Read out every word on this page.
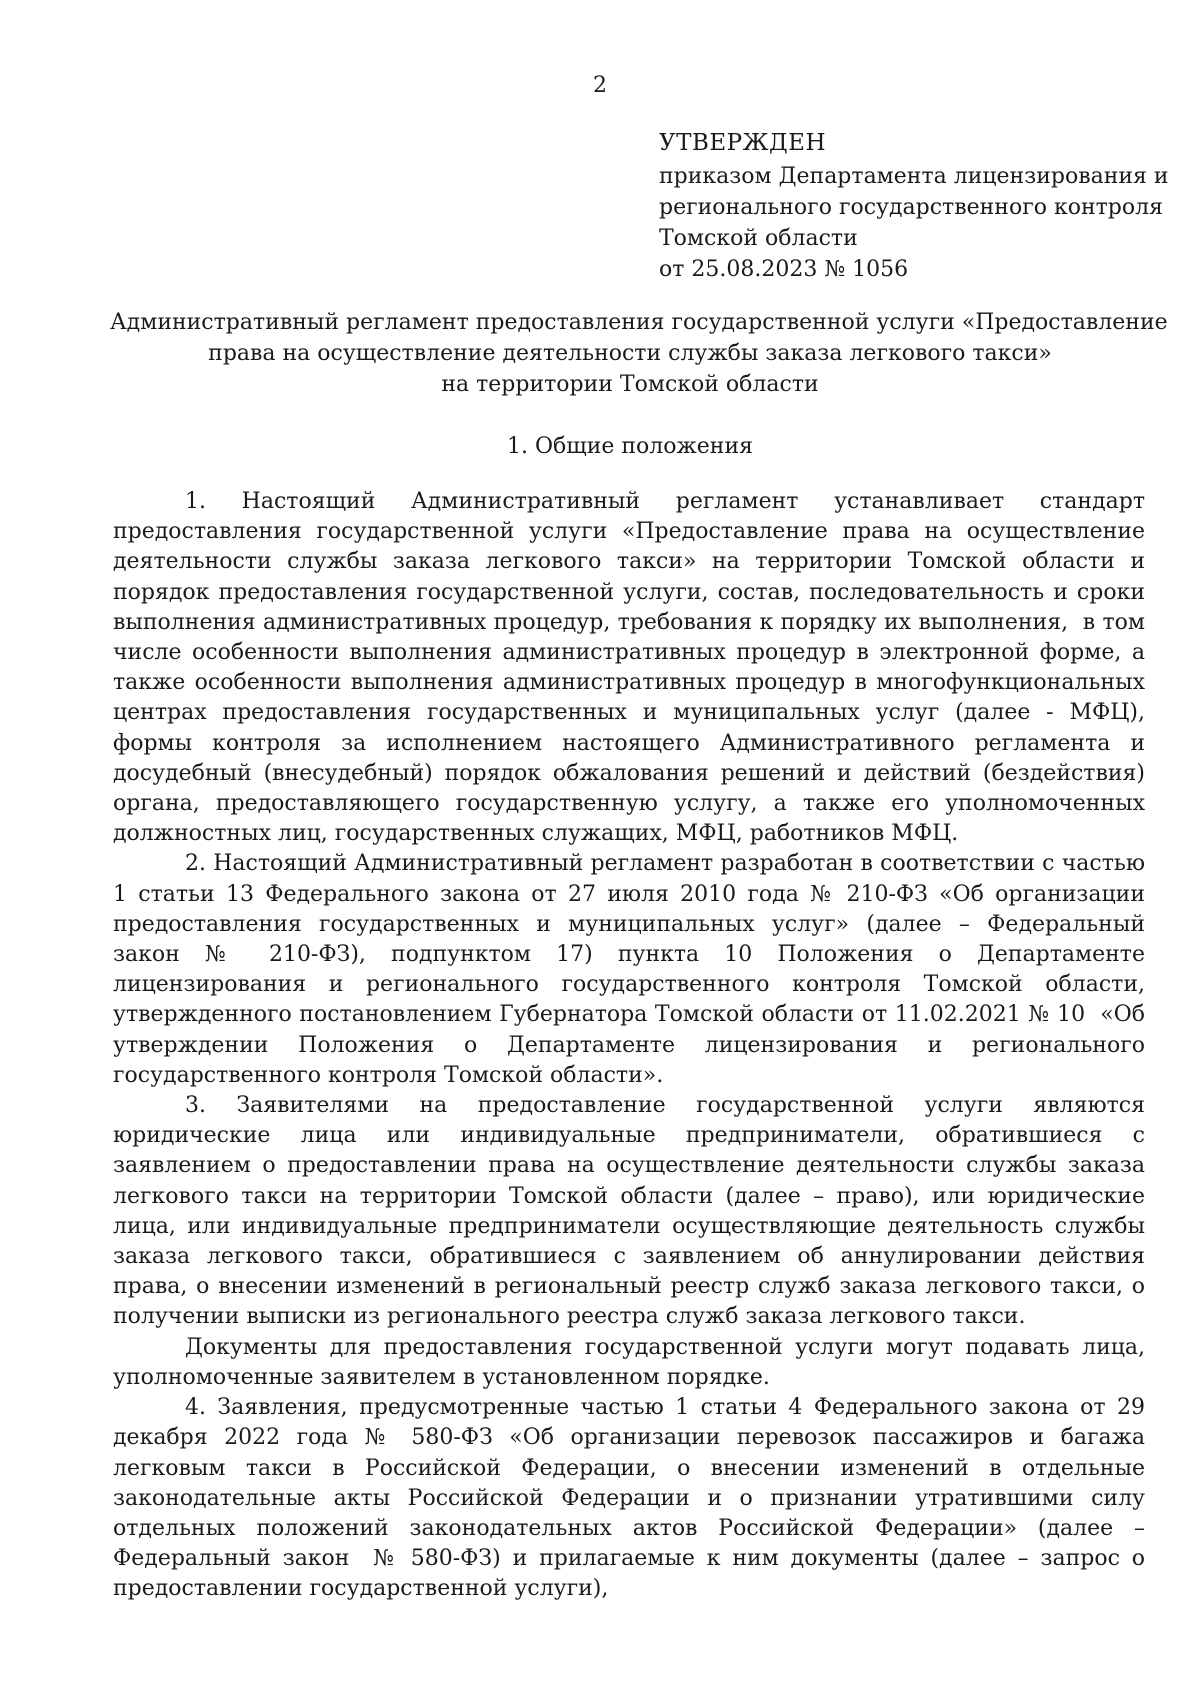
2
УТВЕРЖДЕН
приказом Департамента лицензирования и
регионального государственного контроля
Томской области
от 25.08.2023 № 1056
Административный регламент предоставления государственной услуги «Предоставление
права на осуществление деятельности службы заказа легкового такси»
на территории Томской области
1. Общие положения

1.    Настоящий    Административный    регламент    устанавливает    стандарт предоставления государственной услуги «Предоставление права на осуществление деятельности службы заказа легкового такси» на территории Томской области и порядок предоставления государственной услуги, состав, последовательность и сроки выполнения административных процедур, требования к порядку их выполнения,  в том числе особенности выполнения административных процедур в электронной форме, а также особенности выполнения административных процедур в многофункциональных центрах предоставления государственных и муниципальных услуг (далее - МФЦ), формы контроля за исполнением настоящего Административного регламента и досудебный (внесудебный) порядок обжалования решений и действий (бездействия) органа, предоставляющего государственную услугу, а также его уполномоченных должностных лиц, государственных служащих, МФЦ, работников МФЦ.

2. Настоящий Административный регламент разработан в соответствии с частью 1 статьи 13 Федерального закона от 27 июля 2010 года № 210-ФЗ «Об организации предоставления государственных и муниципальных услуг» (далее – Федеральный закон № 210-ФЗ), подпунктом 17) пункта 10 Положения о Департаменте лицензирования и регионального государственного контроля Томской области, утвержденного постановлением Губернатора Томской области от 11.02.2021 № 10  «Об утверждении Положения о Департаменте лицензирования и регионального государственного контроля Томской области».

3. Заявителями на предоставление государственной услуги являются юридические лица или индивидуальные предприниматели, обратившиеся с заявлением о предоставлении права на осуществление деятельности службы заказа легкового такси на территории Томской области (далее – право), или юридические лица, или индивидуальные предприниматели осуществляющие деятельность службы заказа легкового такси, обратившиеся с заявлением об аннулировании действия права, о внесении изменений в региональный реестр служб заказа легкового такси, о получении выписки из регионального реестра служб заказа легкового такси.

Документы для предоставления государственной услуги могут подавать лица, уполномоченные заявителем в установленном порядке.

4. Заявления, предусмотренные частью 1 статьи 4 Федерального закона от 29 декабря 2022 года № 580-ФЗ «Об организации перевозок пассажиров и багажа легковым такси в Российской Федерации, о внесении изменений в отдельные законодательные акты Российской Федерации и о признании утратившими силу отдельных положений законодательных актов Российской Федерации» (далее – Федеральный закон  № 580-ФЗ) и прилагаемые к ним документы (далее – запрос о предоставлении государственной услуги),
